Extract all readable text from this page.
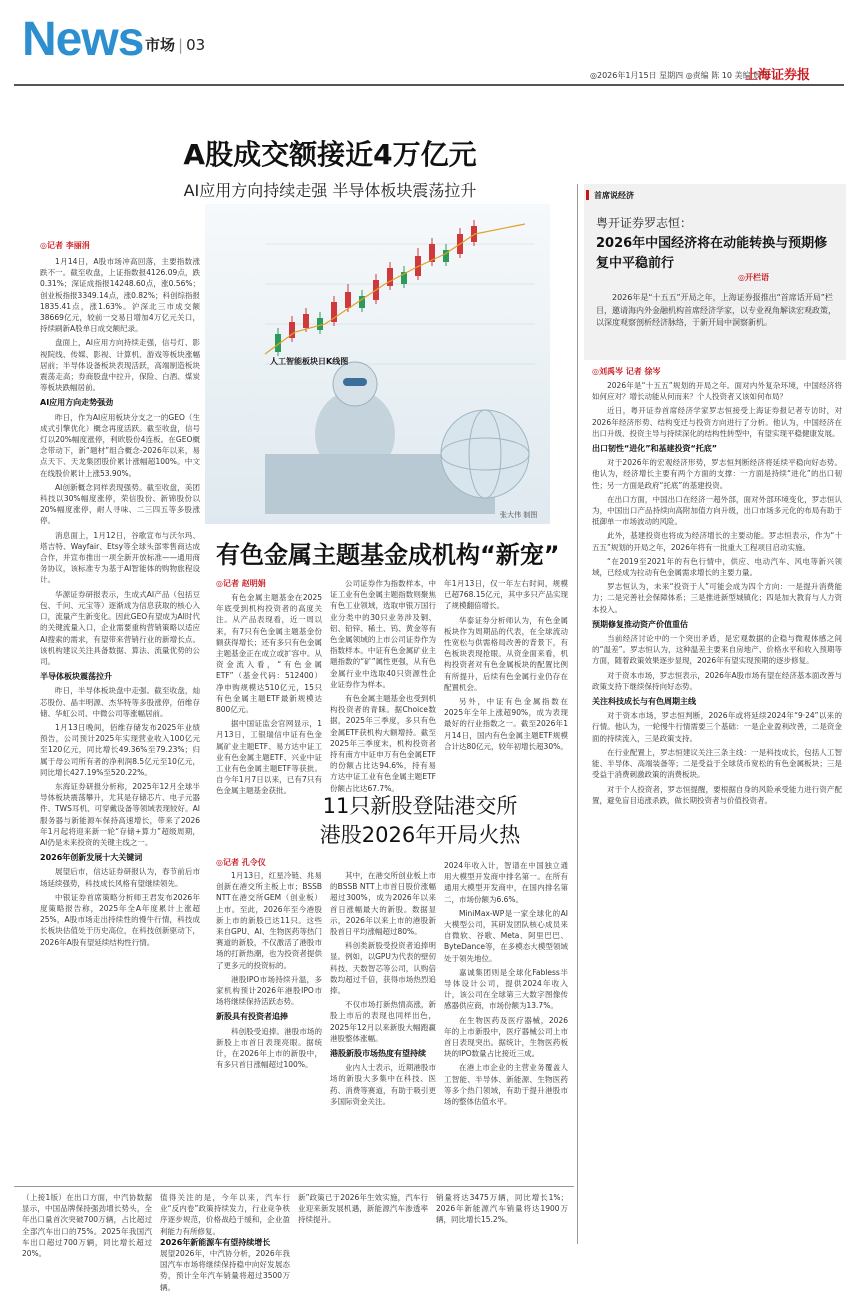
News 市场 | 03
◎2026年1月15日 星期四 ◎责编 陈 10 美编 周佳
上海证券报
A股成交额接近4万亿元
AI应用方向持续走强 半导体板块震荡拉升
◎记者 李丽涓

1月14日，A股市场冲高回落，主要指数涨跌不一。截至收盘，上证指数报4126.09点，跌0.31%；深证成指报14248.60点，涨0.56%；创业板指报3349.14点，涨0.82%；科创综指报1835.41点，涨1.63%。沪深北三市成交额38669亿元，较前一交易日增加4万亿元关口，持续刷新A股单日成交额纪录。

盘面上，AI应用方向持续走强，信号灯、影视院线、传媒、影视、计算机、游戏等板块涨幅居前；半导体设备板块表现活跃，高端制造板块震荡走高；券商股盘中拉升，保险、白酒、煤炭等板块跌幅居前。

AI应用方向走势强劲

昨日，作为AI应用板块分支之一的GEO（生成式引擎优化）概念再度活跃。截至收盘，信号灯以20%幅度涨停，利欧股份4连板。在GEO概念带动下，新“题材”组合概念-2026年以来，易点天下、天龙集团股价累计涨幅超100%。中文在线股价累计上涨53.90%。

AI创新概念同样表现强势。截至收盘，美团科技以30%幅度涨停，荣信股份、新锦股份以20%幅度涨停，耐人寻味、二三四五等多股涨停。

消息面上，1月12日，谷歌宣布与沃尔玛、塔吉特、Wayfair、Etsy等全球头部零售商达成合作，并宣布推出一项全新开放标准——通用商务协议，该标准专为基于AI智能体的购物旅程设计。

华源证券研报表示，生成式AI产品（包括豆包、千问、元宝等）逐渐成为信息获取的核心入口，流量产生新变化。因此GEO有望成为AI时代的关键流量入口，企业需要重构营销策略以适应AI搜索的需求，有望带来营销行业的新增长点。该机构建议关注具备数据、算法、流量优势的公司。

半导体板块震荡拉升

昨日，半导体板块盘中走强。截至收盘，灿芯股份、晶丰明源、杰华特等多股涨停，佰维存储、华虹公司、中微公司等涨幅居前。

1月13日晚间，佰维存储发布2025年业绩预告，公司预计2025年实现营业收入100亿元至120亿元，同比增长49.36%至79.23%；归属于母公司所有者的净利润8.5亿元至10亿元，同比增长427.19%至520.22%。

东海证券研报分析称，2025年12月全球半导体板块震荡攀升，尤其是存储芯片、电子元器件、TWS耳机、可穿戴设备等领域表现较好。AI服务器与新能源车保持高速增长，带来了2026年1月起将迎来新一轮“存储+算力”超级周期，AI仍是未来投资的关键主线之一。

2026年创新发展十大关键词

展望后市，信达证券研报认为，春节前后市场延续强势，科技成长风格有望继续领先。

中银证券首席策略分析师王君发布2026年度策略报告称，2025年全A年度累计上涨超25%，A股市场走出持续性的慢牛行情，科技成长板块估值处于历史高位，在科技创新驱动下，2026年A股有望延续结构性行情。

人工智能板块日K线图
张大伟 制图
有色金属主题基金成机构“新宠”
◎记者 赵明娟

有色金属主题基金在2025年底受到机构投资者的高度关注。从产品表现看，近一周以来，有7只有色金属主题基金份额获得增长；还有多只有色金属主题基金正在成立或扩容中。从资金流入看，“有色金属ETF”（基金代码：512400）净申购规模达510亿元，15只有色金属主题ETF最新规模达800亿元。

据中国证监会官网显示，1月13日，工银瑞信中证有色金属矿业主题ETF、易方达中证工业有色金属主题ETF、兴业中证工业有色金属主题ETF等获批。自今年1月7日以来，已有7只有色金属主题基金获批。

公司证券作为指数样本，中证工业有色金属主题指数则聚焦有色工业领域，选取申银万国行业分类中的30只业务涉及铜、铝、铅锌、稀土、钨、黄金等有色金属领域的上市公司证券作为指数样本。中证有色金属矿业主题指数的“矿”属性更强，从有色金属行业中选取40只资源性企业证券作为样本。

有色金属主题基金也受到机构投资者的青睐。据Choice数据，2025年三季度，多只有色金属ETF获机构大额增持。截至2025年三季度末，机构投资者持有南方中证申万有色金属ETF的份额占比达94.6%，持有易方达中证工业有色金属主题ETF份额占比达67.7%。

年1月13日，仅一年左右时间，规模已超768.15亿元，其中多只产品实现了规模翻倍增长。

华泰证券分析师认为，有色金属板块作为周期品的代表，在全球流动性宽松与供需格局改善的背景下，有色板块表现抢眼。从资金面来看，机构投资者对有色金属板块的配置比例有所提升，后续有色金属行业仍存在配置机会。

另外，中证有色金属指数在2025年全年上涨超90%，成为表现最好的行业指数之一。截至2026年1月14日，国内有色金属主题ETF规模合计达80亿元，较年初增长超30%。

11只新股登陆港交所
港股2026年开局火热
◎记者 孔令仪

1月13日，红星冷链、兆易创新在港交所主板上市；BSSB NTT在港交所GEM（创业板）上市。至此，2026年至今港股新上市的新股已达11只。这些来自GPU、AI、生物医药等热门赛道的新股，不仅激活了港股市场的打新热潮，也为投资者提供了更多元的投资标的。

港股IPO市场持续升温，多家机构预计2026年港股IPO市场将继续保持活跃态势。

新股具有投资者追捧

科创股受追捧。港股市场的新股上市首日表现亮眼。据统计，在2026年上市的新股中，有多只首日涨幅超过100%。

其中，在港交所创业板上市的BSSB NTT上市首日股价涨幅超过300%，成为2026年以来首日涨幅最大的新股。数据显示，2026年以来上市的港股新股首日平均涨幅超过80%。

科创类新股受投资者追捧明显。例如，以GPU为代表的壁仞科技、天数智芯等公司，认购倍数均超过千倍，获得市场热烈追捧。

不仅市场打新热情高涨，新股上市后的表现也同样出色，2025年12月以来新股大幅跑赢港股整体涨幅。

港股新股市场热度有望持续

业内人士表示，近期港股市场的新股大多集中在科技、医药、消费等赛道，有助于吸引更多国际资金关注。

2024年收入计，智谱在中国独立通用大模型开发商中排名第一。在所有通用大模型开发商中，在国内排名第二，市场份额为6.6%。

MiniMax-WP是一家全球化的AI大模型公司，其研发团队核心成员来自微软、谷歌、Meta、阿里巴巴、ByteDance等，在多模态大模型领域处于领先地位。

嘉诚集团则是全球化Fabless半导体设计公司，提供2024年收入计，该公司在全球第三大数字图像传感器供应商，市场份额为13.7%。

在生物医药及医疗器械，2026年的上市新股中，医疗器械公司上市首日表现突出。据统计，生物医药板块的IPO数量占比接近三成。

在港上市企业的主营业务覆盖人工智能、半导体、新能源、生物医药等多个热门领域，有助于提升港股市场的整体估值水平。

首席说经济
粤开证券罗志恒：
2026年中国经济将在动能转换与预期修复中平稳前行
◎开栏语
2026年是“十五五”开局之年，上海证券报推出“首席话开局”栏目，邀请海内外金融机构首席经济学家，以专业视角解读宏观政策，以深度观察剖析经济脉络，于新开局中洞察新机。
◎刘禹岑 记者 徐岑

2026年是“十五五”规划的开局之年。面对内外复杂环境，中国经济将如何应对？增长动能从何而来？个人投资者又该如何布局？

近日，粤开证券首席经济学家罗志恒接受上海证券报记者专访时，对2026年经济形势、结构变迁与投资方向进行了分析。他认为，中国经济在出口升级、投资主导与持续深化的结构性转型中，有望实现平稳健康发展。

出口韧性“进化”和基建投资“托底”

对于2026年的宏观经济形势，罗志恒判断经济将延续平稳向好态势。他认为，经济增长主要有两个方面的支撑：一方面是持续“进化”的出口韧性；另一方面是政府“托底”的基建投资。

在出口方面，中国出口在经济一超外部，面对外部环境变化，罗志恒认为，中国出口产品持续向高附加值方向升级，出口市场多元化的布局有助于抵御单一市场波动的风险。

此外，基建投资也将成为经济增长的主要动能。罗志恒表示，作为“十五五”规划的开局之年，2026年将有一批重大工程项目启动实施。

“在2019至2021年的有色行情中，供应、电动汽车、风电等新兴领域，已经成为拉动有色金属需求增长的主要力量。

罗志恒认为，未来“投资于人”可能会成为四个方向：一是提升消费能力；二是完善社会保障体系；三是推进新型城镇化；四是加大教育与人力资本投入。

预期修复推动资产价值重估

当前经济讨论中的一个突出矛盾，是宏观数据的企稳与微观体感之间的“温差”。罗志恒认为，这种温差主要来自房地产、价格水平和收入预期等方面，随着政策效果逐步显现，2026年有望实现预期的逐步修复。

对于资本市场，罗志恒表示，2026年A股市场有望在经济基本面改善与政策支持下继续保持向好态势。

关注科技成长与有色周期主线

对于资本市场，罗志恒判断，2026年或将延续2024年“9·24”以来的行情。他认为，一轮慢牛行情需要三个基础：一是企业盈利改善，二是资金面的持续流入，三是政策支持。

在行业配置上，罗志恒建议关注三条主线：一是科技成长，包括人工智能、半导体、高端装备等；二是受益于全球货币宽松的有色金属板块；三是受益于消费刺激政策的消费板块。

对于个人投资者，罗志恒提醒，要根据自身的风险承受能力进行资产配置，避免盲目追涨杀跌，做长期投资者与价值投资者。

（上接1版）在出口方面，中汽协数据显示，中国品牌保持强劲增长势头，全年出口量首次突破700万辆，占比超过全部汽车出口的75%。2025年我国汽车出口超过700万辆，同比增长超过20%。

值得关注的是，今年以来，汽车行业“反内卷”政策持续发力，行业竞争秩序逐步规范，价格战趋于缓和，企业盈利能力有所修复。

2026年新能源车有望持续增长

展望2026年，中汽协分析，2026年我国汽车市场将继续保持稳中向好发展态势，预计全年汽车销量将超过3500万辆。

新”政策已于2026年生效实施，汽车行业迎来新发展机遇，新能源汽车渗透率持续提升。
销量将达3475万辆，同比增长1%；2026年新能源汽车销量将达1900万辆，同比增长15.2%。
